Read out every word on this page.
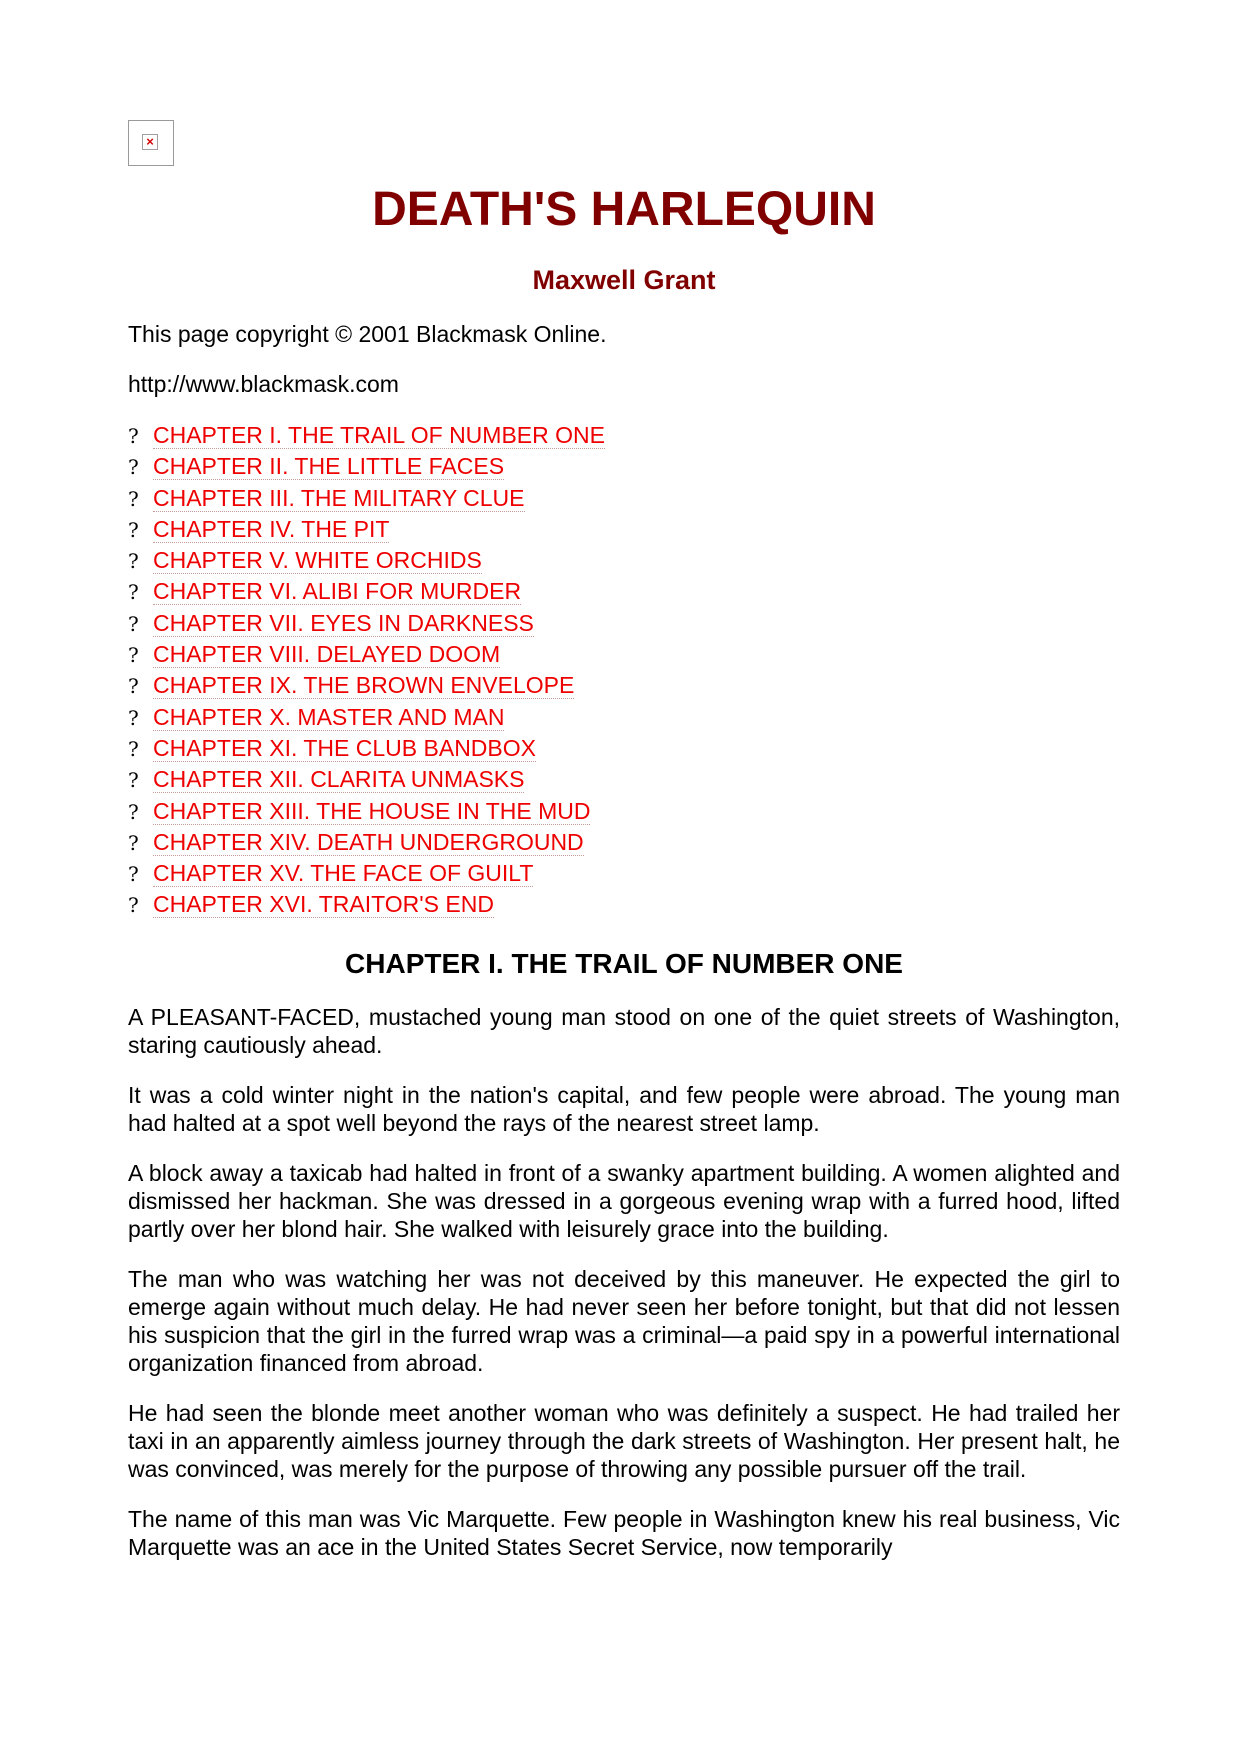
×
DEATH'S HARLEQUIN
Maxwell Grant

This page copyright © 2001 Blackmask Online.

http://www.blackmask.com

? CHAPTER I. THE TRAIL OF NUMBER ONE
? CHAPTER II. THE LITTLE FACES
? CHAPTER III. THE MILITARY CLUE
? CHAPTER IV. THE PIT
? CHAPTER V. WHITE ORCHIDS
? CHAPTER VI. ALIBI FOR MURDER
? CHAPTER VII. EYES IN DARKNESS
? CHAPTER VIII. DELAYED DOOM
? CHAPTER IX. THE BROWN ENVELOPE
? CHAPTER X. MASTER AND MAN
? CHAPTER XI. THE CLUB BANDBOX
? CHAPTER XII. CLARITA UNMASKS
? CHAPTER XIII. THE HOUSE IN THE MUD
? CHAPTER XIV. DEATH UNDERGROUND
? CHAPTER XV. THE FACE OF GUILT
? CHAPTER XVI. TRAITOR'S END
CHAPTER I. THE TRAIL OF NUMBER ONE

A PLEASANT-FACED, mustached young man stood on one of the quiet streets of Washington, staring cautiously ahead.

It was a cold winter night in the nation's capital, and few people were abroad. The young man had halted at a spot well beyond the rays of the nearest street lamp.

A block away a taxicab had halted in front of a swanky apartment building. A women alighted and dismissed her hackman. She was dressed in a gorgeous evening wrap with a furred hood, lifted partly over her blond hair. She walked with leisurely grace into the building.

The man who was watching her was not deceived by this maneuver. He expected the girl to emerge again without much delay. He had never seen her before tonight, but that did not lessen his suspicion that the girl in the furred wrap was a criminal—a paid spy in a powerful international organization financed from abroad.

He had seen the blonde meet another woman who was definitely a suspect. He had trailed her taxi in an apparently aimless journey through the dark streets of Washington. Her present halt, he was convinced, was merely for the purpose of throwing any possible pursuer off the trail.

The name of this man was Vic Marquette. Few people in Washington knew his real business, Vic Marquette was an ace in the United States Secret Service, now temporarily
